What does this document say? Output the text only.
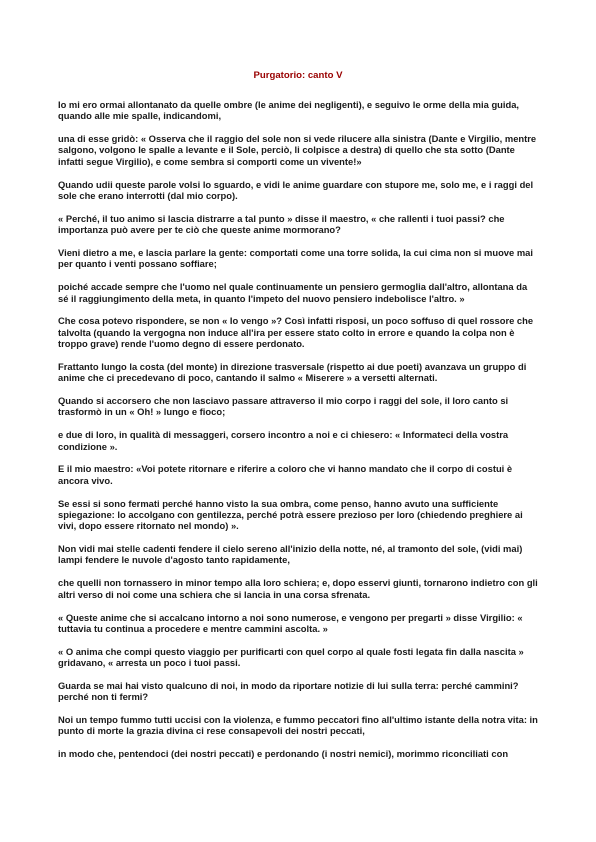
Purgatorio: canto V

Io mi ero ormai allontanato da quelle ombre (le anime dei negligenti), e seguivo le orme della mia guida, quando alle mie spalle, indicandomi,

una di esse gridò: « Osserva che il raggio del sole non si vede rilucere alla sinistra (Dante e Virgilio, mentre salgono, volgono le spalle a levante e il Sole, perciò, li colpisce a destra) di quello che sta sotto (Dante infatti segue Virgilio), e come sembra si comporti come un vivente!»

Quando udii queste parole volsi lo sguardo, e vidi le anime guardare con stupore me, solo me, e i raggi del sole che erano interrotti (dal mio corpo).

« Perché, il tuo animo si lascia distrarre a tal punto » disse il maestro, « che rallenti i tuoi passi? che importanza può avere per te ciò che queste anime mormorano?

Vieni dietro a me, e lascia parlare la gente: comportati come una torre solida, la cui cima non si muove mai per quanto i venti possano soffiare;

poiché accade sempre che l'uomo nel quale continuamente un pensiero germoglia dall'altro, allontana da sé il raggiungimento della meta, in quanto l'impeto del nuovo pensiero indebolisce l'altro. »

Che cosa potevo rispondere, se non « Io vengo »? Così infatti risposi, un poco soffuso di quel rossore che talvolta (quando la vergogna non induce all'ira per essere stato colto in errore e quando la colpa non è troppo grave) rende l'uomo degno di essere perdonato.

Frattanto lungo la costa (del monte) in direzione trasversale (rispetto ai due poeti) avanzava un gruppo di anime che ci precedevano di poco, cantando il salmo « Miserere » a versetti alternati.

Quando si accorsero che non lasciavo passare attraverso il mio corpo i raggi del sole, il loro canto si trasformò in un « Oh! » lungo e fioco;

e due di loro, in qualità di messaggeri, corsero incontro a noi e ci chiesero: « Informateci della vostra condizione ».

E il mio maestro: «Voi potete ritornare e riferire a coloro che vi hanno mandato che il corpo di costui è ancora vivo.

Se essi si sono fermati perché hanno visto la sua ombra, come penso, hanno avuto una sufficiente spiegazione: lo accolgano con gentilezza, perché potrà essere prezioso per loro (chiedendo preghiere ai vivi, dopo essere ritornato nel mondo) ».

Non vidi mai stelle cadenti fendere il cielo sereno all'inizio della notte, né, al tramonto del sole, (vidi mai) lampi fendere le nuvole d'agosto tanto rapidamente,

che quelli non tornassero in minor tempo alla loro schiera; e, dopo esservi giunti, tornarono indietro con gli altri verso di noi come una schiera che si lancia in una corsa sfrenata.

« Queste anime che si accalcano intorno a noi sono numerose, e vengono per pregarti » disse Virgilio: « tuttavia tu continua a procedere e mentre cammini ascolta. »

« O anima che compi questo viaggio per purificarti con quel corpo al quale fosti legata fin dalla nascita » gridavano, « arresta un poco i tuoi passi.

Guarda se mai hai visto qualcuno di noi, in modo da riportare notizie di lui sulla terra: perché cammini? perché non ti fermi?

Noi un tempo fummo tutti uccisi con la violenza, e fummo peccatori fino all'ultimo istante della notra vita: in punto di morte la grazia divina ci rese consapevoli dei nostri peccati,

in modo che, pentendoci (dei nostri peccati) e perdonando (i nostri nemici), morimmo riconciliati con
